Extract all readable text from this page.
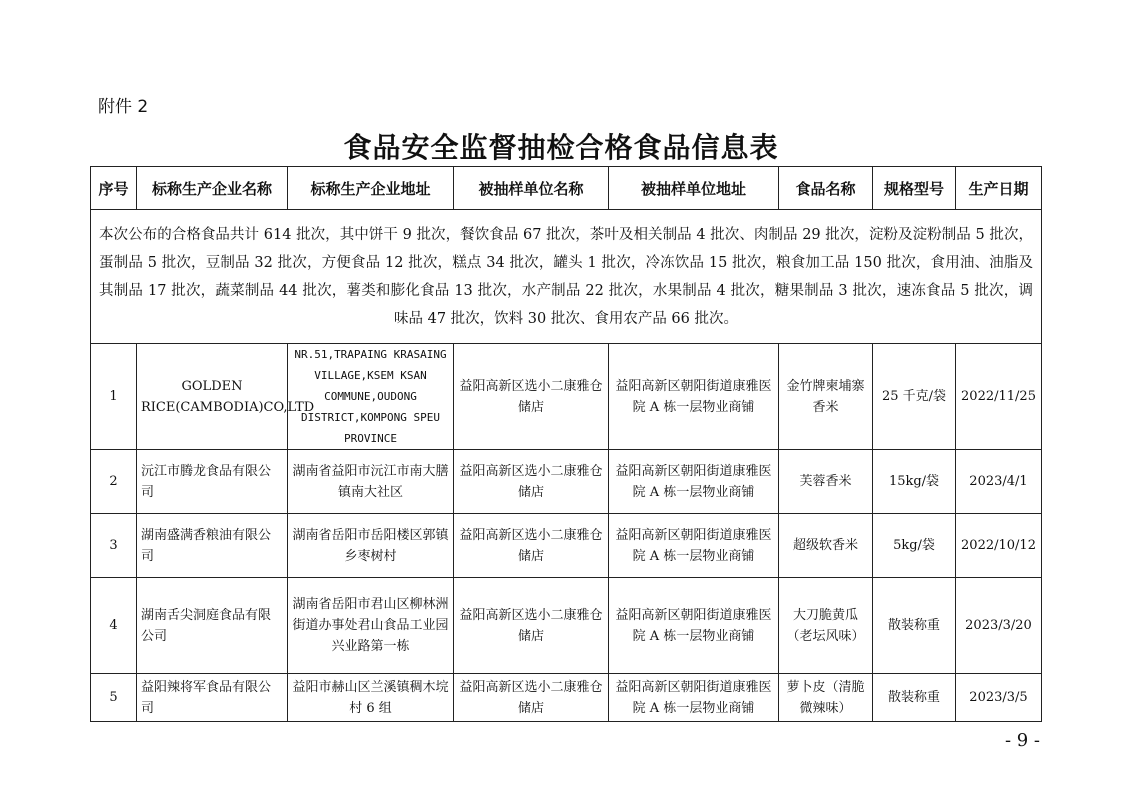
附件 2
食品安全监督抽检合格食品信息表
本次公布的合格食品共计 614 批次，其中饼干 9 批次，餐饮食品 67 批次，茶叶及相关制品 4 批次、肉制品 29 批次，淀粉及淀粉制品 5 批次，蛋制品 5 批次，豆制品 32 批次，方便食品 12 批次，糕点 34 批次，罐头 1 批次，冷冻饮品 15 批次，粮食加工品 150 批次，食用油、油脂及其制品 17 批次，蔬菜制品 44 批次，薯类和膨化食品 13 批次，水产制品 22 批次，水果制品 4 批次，糖果制品 3 批次，速冻食品 5 批次，调味品 47 批次，饮料 30 批次、食用农产品 66 批次。							
序号	标称生产企业名称	标称生产企业地址	被抽样单位名称	被抽样单位地址	食品名称	规格型号	生产日期
1	GOLDEN RICE(CAMBODIA)CO,LTD	NR.51,TRAPAING KRASAING VILLAGE,KSEM KSAN COMMUNE,OUDONG DISTRICT,KOMPONG SPEU PROVINCE	益阳高新区选小二康雅仓储店	益阳高新区朝阳街道康雅医院 A 栋一层物业商铺	金竹牌柬埔寨香米	25 千克/袋	2022/11/25
2	沅江市腾龙食品有限公司	湖南省益阳市沅江市南大膳镇南大社区	益阳高新区选小二康雅仓储店	益阳高新区朝阳街道康雅医院 A 栋一层物业商铺	芙蓉香米	15kg/袋	2023/4/1
3	湖南盛满香粮油有限公司	湖南省岳阳市岳阳楼区郭镇乡枣树村	益阳高新区选小二康雅仓储店	益阳高新区朝阳街道康雅医院 A 栋一层物业商铺	超级软香米	5kg/袋	2022/10/12
4	湖南舌尖洞庭食品有限公司	湖南省岳阳市君山区柳林洲街道办事处君山食品工业园兴业路第一栋	益阳高新区选小二康雅仓储店	益阳高新区朝阳街道康雅医院 A 栋一层物业商铺	大刀脆黄瓜（老坛风味）	散装称重	2023/3/20
5	益阳辣将军食品有限公司	益阳市赫山区兰溪镇稠木垸村 6 组	益阳高新区选小二康雅仓储店	益阳高新区朝阳街道康雅医院 A 栋一层物业商铺	萝卜皮（清脆微辣味）	散装称重	2023/3/5
- 9 -
